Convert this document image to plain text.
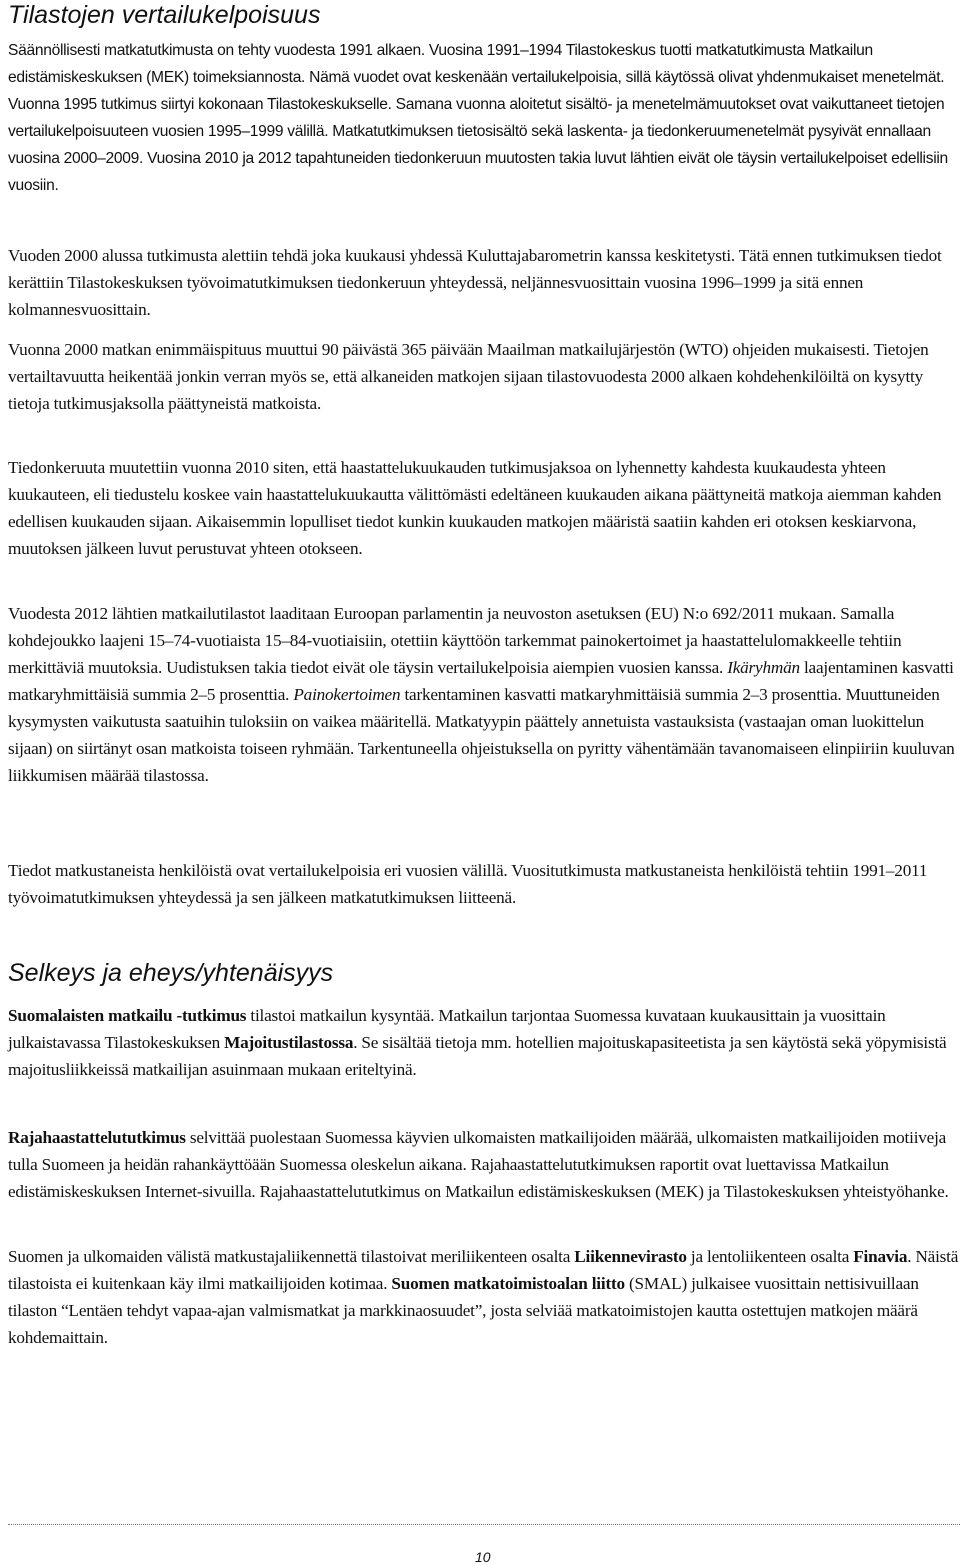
Tilastojen vertailukelpoisuus

Säännöllisesti matkatutkimusta on tehty vuodesta 1991 alkaen. Vuosina 1991–1994 Tilastokeskus tuotti matkatutkimusta Matkailun edistämiskeskuksen (MEK) toimeksiannosta. Nämä vuodet ovat keskenään vertailukelpoisia, sillä käytössä olivat yhdenmukaiset menetelmät. Vuonna 1995 tutkimus siirtyi kokonaan Tilastokeskukselle. Samana vuonna aloitetut sisältö- ja menetelmämuutokset ovat vaikuttaneet tietojen vertailukelpoisuuteen vuosien 1995–1999 välillä. Matkatutkimuksen tietosisältö sekä laskenta- ja tiedonkeruumenetelmät pysyivät ennallaan vuosina 2000–2009. Vuosina 2010 ja 2012 tapahtuneiden tiedonkeruun muutosten takia luvut lähtien eivät ole täysin vertailukelpoiset edellisiin vuosiin.

Vuoden 2000 alussa tutkimusta alettiin tehdä joka kuukausi yhdessä Kuluttajabarometrin kanssa keskitetysti. Tätä ennen tutkimuksen tiedot kerättiin Tilastokeskuksen työvoimatutkimuksen tiedonkeruun yhteydessä, neljännesvuosittain vuosina 1996–1999 ja sitä ennen kolmannesvuosittain.

Vuonna 2000 matkan enimmäispituus muuttui 90 päivästä 365 päivään Maailman matkailujärjestön (WTO) ohjeiden mukaisesti. Tietojen vertailtavuutta heikentää jonkin verran myös se, että alkaneiden matkojen sijaan tilastovuodesta 2000 alkaen kohdehenkilöiltä on kysytty tietoja tutkimusjaksolla päättyneistä matkoista.

Tiedonkeruuta muutettiin vuonna 2010 siten, että haastattelukuukauden tutkimusjaksoa on lyhennetty kahdesta kuukaudesta yhteen kuukauteen, eli tiedustelu koskee vain haastattelukuukautta välittömästi edeltäneen kuukauden aikana päättyneitä matkoja aiemman kahden edellisen kuukauden sijaan. Aikaisemmin lopulliset tiedot kunkin kuukauden matkojen määristä saatiin kahden eri otoksen keskiarvona, muutoksen jälkeen luvut perustuvat yhteen otokseen.

Vuodesta 2012 lähtien matkailutilastot laaditaan Euroopan parlamentin ja neuvoston asetuksen (EU) N:o 692/2011 mukaan. Samalla kohdejoukko laajeni 15–74-vuotiaista 15–84-vuotiaisiin, otettiin käyttöön tarkemmat painokertoimet ja haastattelulomakkeelle tehtiin merkittäviä muutoksia. Uudistuksen takia tiedot eivät ole täysin vertailukelpoisia aiempien vuosien kanssa. Ikäryhmän laajentaminen kasvatti matkaryhmittäisiä summia 2–5 prosenttia. Painokertoimen tarkentaminen kasvatti matkaryhmittäisiä summia 2–3 prosenttia. Muuttuneiden kysymysten vaikutusta saatuihin tuloksiin on vaikea määritellä. Matkatyypin päättely annetuista vastauksista (vastaajan oman luokittelun sijaan) on siirtänyt osan matkoista toiseen ryhmään. Tarkentuneella ohjeistuksella on pyritty vähentämään tavanomaiseen elinpiiriin kuuluvan liikkumisen määrää tilastossa.

Tiedot matkustaneista henkilöistä ovat vertailukelpoisia eri vuosien välillä. Vuositutkimusta matkustaneista henkilöistä tehtiin 1991–2011 työvoimatutkimuksen yhteydessä ja sen jälkeen matkatutkimuksen liitteenä.

Selkeys ja eheys/yhtenäisyys

Suomalaisten matkailu -tutkimus tilastoi matkailun kysyntää. Matkailun tarjontaa Suomessa kuvataan kuukausittain ja vuosittain julkaistavassa Tilastokeskuksen Majoitustilastossa. Se sisältää tietoja mm. hotellien majoituskapasiteetista ja sen käytöstä sekä yöpymisistä majoitusliikkeissä matkailijan asuinmaan mukaan eriteltyinä.

Rajahaastattelututkimus selvittää puolestaan Suomessa käyvien ulkomaisten matkailijoiden määrää, ulkomaisten matkailijoiden motiiveja tulla Suomeen ja heidän rahankäyttöään Suomessa oleskelun aikana. Rajahaastattelututkimuksen raportit ovat luettavissa Matkailun edistämiskeskuksen Internet-sivuilla. Rajahaastattelututkimus on Matkailun edistämiskeskuksen (MEK) ja Tilastokeskuksen yhteistyöhanke.

Suomen ja ulkomaiden välistä matkustajaliikennettä tilastoivat meriliikenteen osalta Liikennevirasto ja lentoliikenteen osalta Finavia. Näistä tilastoista ei kuitenkaan käy ilmi matkailijoiden kotimaa. Suomen matkatoimistoalan liitto (SMAL) julkaisee vuosittain nettisivuillaan tilaston “Lentäen tehdyt vapaa-ajan valmismatkat ja markkinaosuudet”, josta selviää matkatoimistojen kautta ostettujen matkojen määrä kohdemaittain.

10
